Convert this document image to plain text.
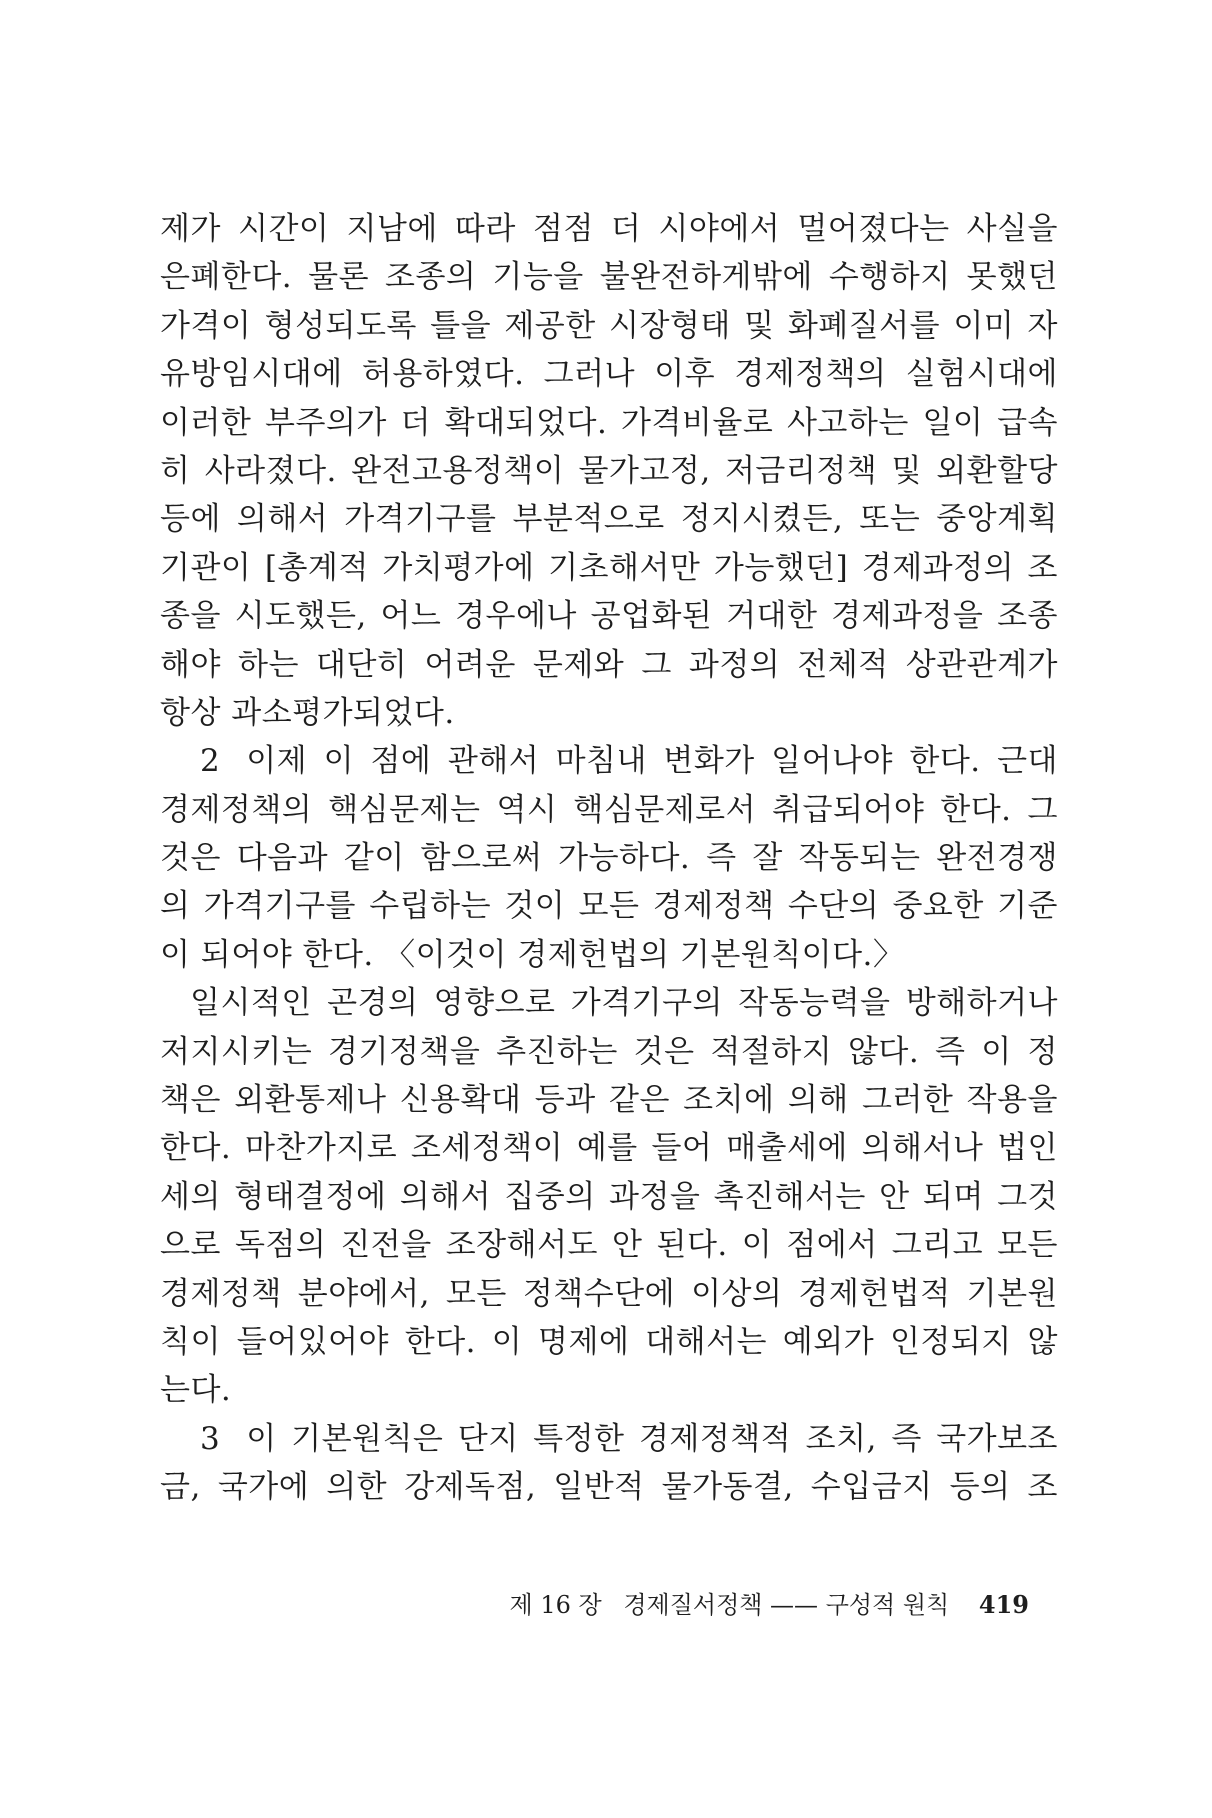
제가 시간이 지남에 따라 점점 더 시야에서 멀어졌다는 사실을
은폐한다. 물론 조종의 기능을 불완전하게밖에 수행하지 못했던
가격이 형성되도록 틀을 제공한 시장형태 및 화폐질서를 이미 자
유방임시대에 허용하였다. 그러나 이후 경제정책의 실험시대에
이러한 부주의가 더 확대되었다. 가격비율로 사고하는 일이 급속
히 사라졌다. 완전고용정책이 물가고정, 저금리정책 및 외환할당
등에 의해서 가격기구를 부분적으로 정지시켰든, 또는 중앙계획
기관이 [총계적 가치평가에 기초해서만 가능했던] 경제과정의 조
종을 시도했든, 어느 경우에나 공업화된 거대한 경제과정을 조종
해야 하는 대단히 어려운 문제와 그 과정의 전체적 상관관계가
항상 과소평가되었다.
2 이제 이 점에 관해서 마침내 변화가 일어나야 한다. 근대
경제정책의 핵심문제는 역시 핵심문제로서 취급되어야 한다. 그
것은 다음과 같이 함으로써 가능하다. 즉 잘 작동되는 완전경쟁
의 가격기구를 수립하는 것이 모든 경제정책 수단의 중요한 기준
이 되어야 한다. 〈이것이 경제헌법의 기본원칙이다.〉
일시적인 곤경의 영향으로 가격기구의 작동능력을 방해하거나
저지시키는 경기정책을 추진하는 것은 적절하지 않다. 즉 이 정
책은 외환통제나 신용확대 등과 같은 조치에 의해 그러한 작용을
한다. 마찬가지로 조세정책이 예를 들어 매출세에 의해서나 법인
세의 형태결정에 의해서 집중의 과정을 촉진해서는 안 되며 그것
으로 독점의 진전을 조장해서도 안 된다. 이 점에서 그리고 모든
경제정책 분야에서, 모든 정책수단에 이상의 경제헌법적 기본원
칙이 들어있어야 한다. 이 명제에 대해서는 예외가 인정되지 않
는다.
3 이 기본원칙은 단지 특정한 경제정책적 조치, 즉 국가보조
금, 국가에 의한 강제독점, 일반적 물가동결, 수입금지 등의 조
제 16 장 경제질서정책 —— 구성적 원칙 419
